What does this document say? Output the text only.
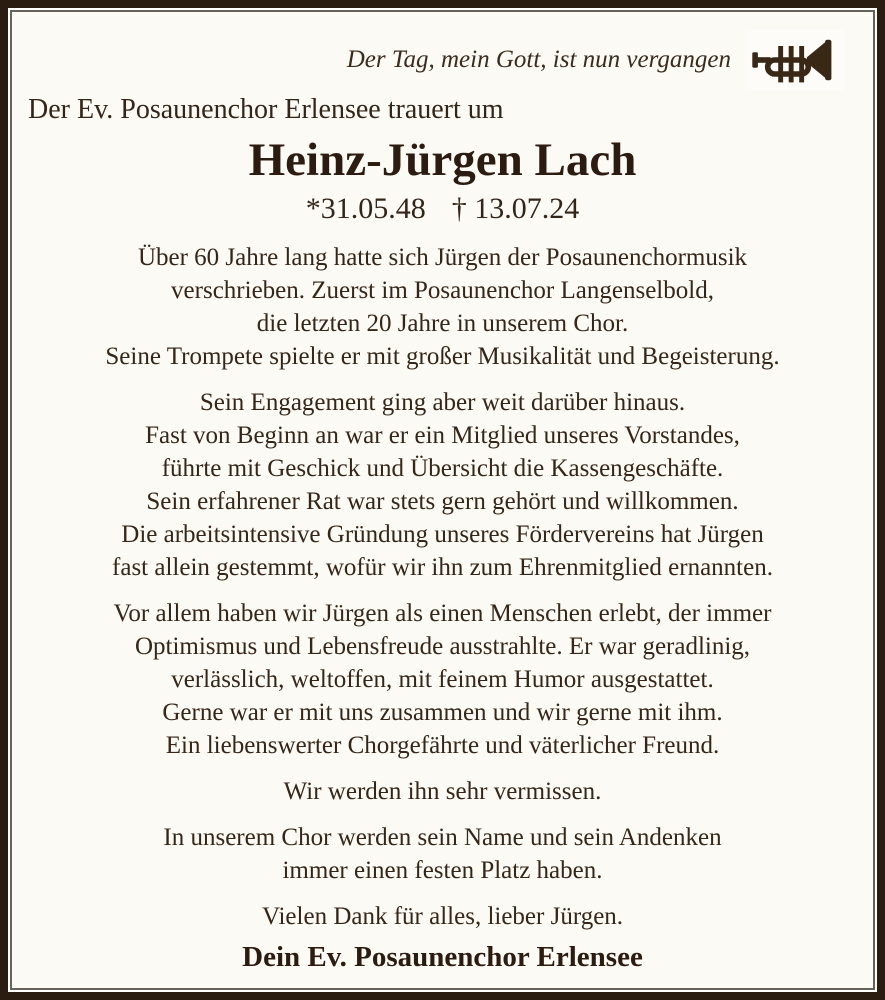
Der Tag, mein Gott, ist nun vergangen
Der Ev. Posaunenchor Erlensee trauert um
Heinz-Jürgen Lach
*31.05.48 † 13.07.24
Über 60 Jahre lang hatte sich Jürgen der Posaunenchormusik
verschrieben. Zuerst im Posaunenchor Langenselbold,
die letzten 20 Jahre in unserem Chor.
Seine Trompete spielte er mit großer Musikalität und Begeisterung.
Sein Engagement ging aber weit darüber hinaus.
Fast von Beginn an war er ein Mitglied unseres Vorstandes,
führte mit Geschick und Übersicht die Kassengeschäfte.
Sein erfahrener Rat war stets gern gehört und willkommen.
Die arbeitsintensive Gründung unseres Fördervereins hat Jürgen
fast allein gestemmt, wofür wir ihn zum Ehrenmitglied ernannten.
Vor allem haben wir Jürgen als einen Menschen erlebt, der immer
Optimismus und Lebensfreude ausstrahlte. Er war geradlinig,
verlässlich, weltoffen, mit feinem Humor ausgestattet.
Gerne war er mit uns zusammen und wir gerne mit ihm.
Ein liebenswerter Chorgefährte und väterlicher Freund.
Wir werden ihn sehr vermissen.
In unserem Chor werden sein Name und sein Andenken
immer einen festen Platz haben.
Vielen Dank für alles, lieber Jürgen.
Dein Ev. Posaunenchor Erlensee
